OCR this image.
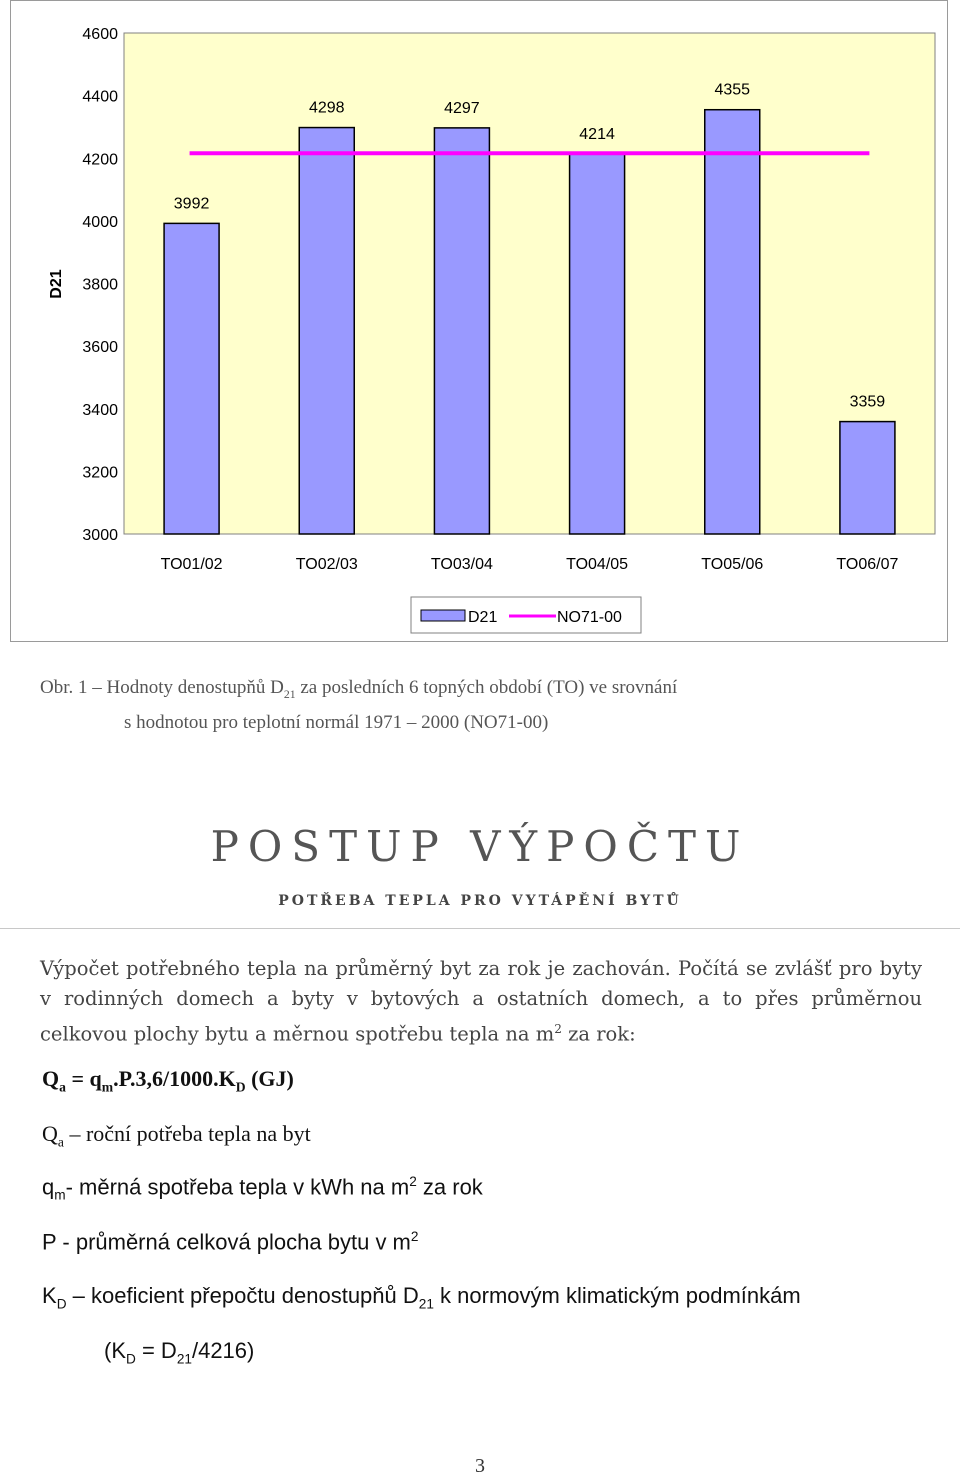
3000
3200
3400
3600
3800
4000
4200
4400
4600
D21
3992
TO01/02
4298
TO02/03
4297
TO03/04
4214
TO04/05
4355
TO05/06
3359
TO06/07
D21	NO71-00
Obr. 1 – Hodnoty denostupňů $D_{21}$ za posledních 6 topných období (TO) ve srovnání
s hodnotou pro teplotní normál 1971 – 2000 (NO71-00)
POSTUP VÝPOČTU
POTŘEBA TEPLA PRO VYTÁPĚNÍ BYTŮ
Výpočet potřebného tepla na průměrný byt za rok je zachován. Počítá se zvlášť pro byty v rodinných domech a byty v bytových a ostatních domech, a to přes průměrnou celkovou plochy bytu a měrnou spotřebu tepla na $m^2$ za rok:
$Q_a = q_m.P.3,6/1000.K_D$ (GJ)
$Q_a$ – roční potřeba tepla na byt
$q_m-$ měrná spotřeba tepla v kWh na $m^2$ za rok
P - průměrná celková plocha bytu v $m^2$
$K_D$ – koeficient přepočtu denostupňů $D_{21}$ k normovým klimatickým podmínkám
$(K_D = D_{21}/4216)$
3
